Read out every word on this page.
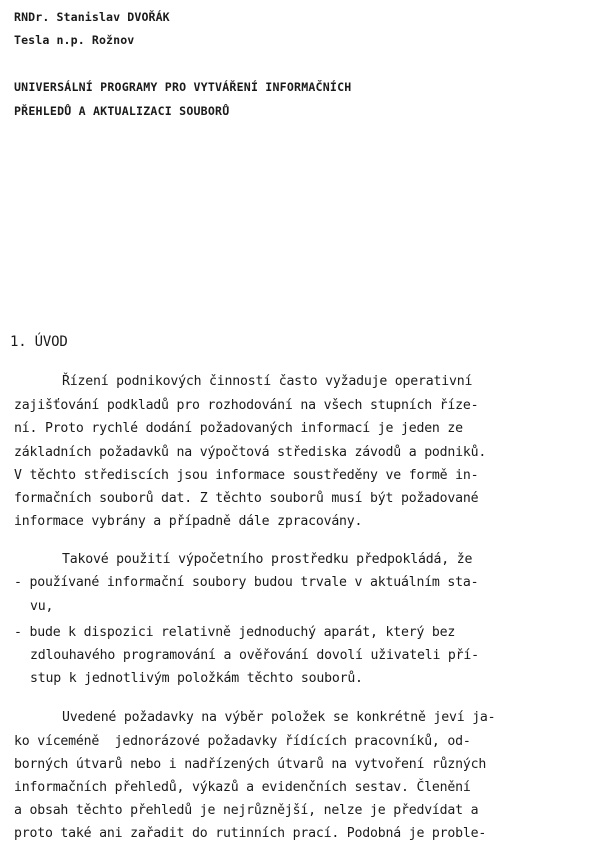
RNDr. Stanislav DVOŘÁK
Tesla n.p. Rožnov
UNIVERSÁLNÍ PROGRAMY PRO VYTVÁŘENÍ INFORMAČNÍCH
PŘEHLEDŮ A AKTUALIZACI SOUBORŮ
1. ÚVOD
Řízení podnikových činností často vyžaduje operativní
zajišťování podkladů pro rozhodování na všech stupních říze-
ní. Proto rychlé dodání požadovaných informací je jeden ze
základních požadavků na výpočtová střediska závodů a podniků.
V těchto střediscích jsou informace soustředěny ve formě in-
formačních souborů dat. Z těchto souborů musí být požadované
informace vybrány a případně dále zpracovány.
Takové použití výpočetního prostředku předpokládá, že
- používané informační soubory budou trvale v aktuálním sta-
vu,
- bude k dispozici relativně jednoduchý aparát, který bez
zdlouhavého programování a ověřování dovolí uživateli pří-
stup k jednotlivým položkám těchto souborů.
Uvedené požadavky na výběr položek se konkrétně jeví ja-
ko víceméně  jednorázové požadavky řídících pracovníků, od-
borných útvarů nebo i nadřízených útvarů na vytvoření různých
informačních přehledů, výkazů a evidenčních sestav. Členění
a obsah těchto přehledů je nejrůznější, nelze je předvídat a
proto také ani zařadit do rutinních prací. Podobná je proble-
